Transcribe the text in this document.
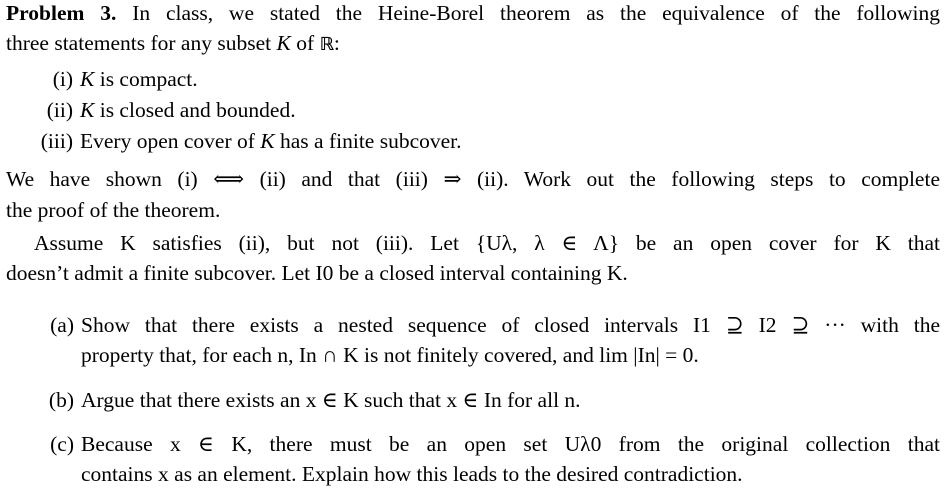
Problem 3. In class, we stated the Heine-Borel theorem as the equivalence of the following
three statements for any subset K of ℝ:
(i) K is compact.
(ii) K is closed and bounded.
(iii) Every open cover of K has a finite subcover.
We have shown (i) ⟺ (ii) and that (iii) ⇒ (ii). Work out the following steps to complete
the proof of the theorem.
Assume K satisfies (ii), but not (iii). Let {Uλ, λ ∈ Λ} be an open cover for K that
doesn’t admit a finite subcover. Let I0 be a closed interval containing K.
(a) Show that there exists a nested sequence of closed intervals I1 ⊇ I2 ⊇ ··· with the
property that, for each n, In ∩ K is not finitely covered, and lim |In| = 0.
(b) Argue that there exists an x ∈ K such that x ∈ In for all n.
(c) Because x ∈ K, there must be an open set Uλ0 from the original collection that
contains x as an element. Explain how this leads to the desired contradiction.
